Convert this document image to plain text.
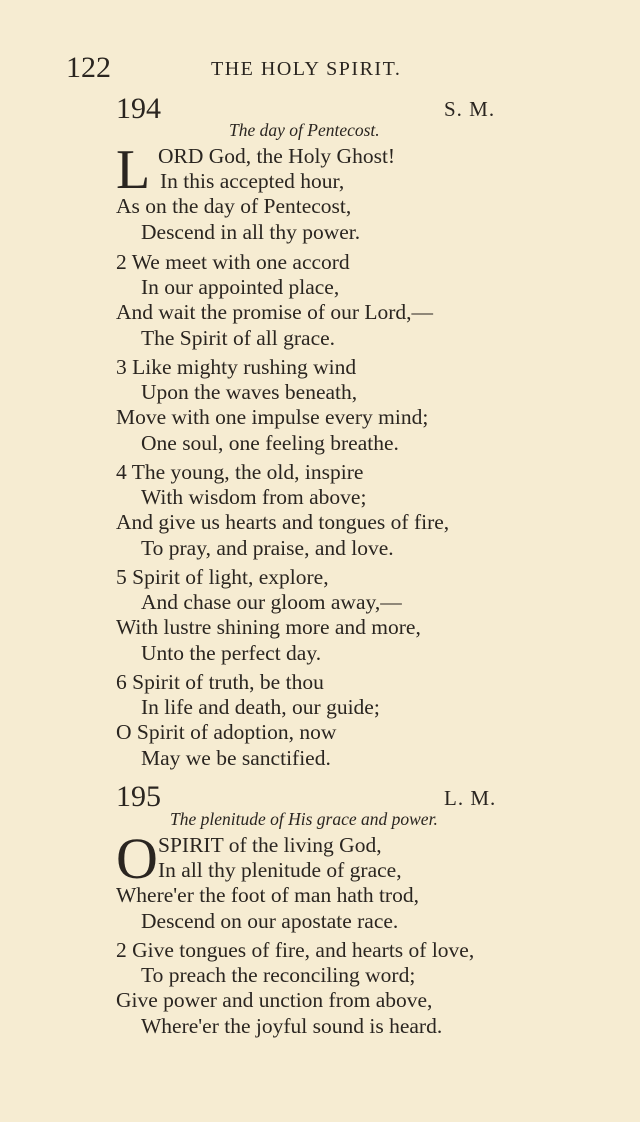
122	THE HOLY SPIRIT.
194	S. M.
The day of Pentecost.
L ORD God, the Holy Ghost!
In this accepted hour,
As on the day of Pentecost,
Descend in all thy power.
2 We meet with one accord
In our appointed place,
And wait the promise of our Lord,—
The Spirit of all grace.
3 Like mighty rushing wind
Upon the waves beneath,
Move with one impulse every mind;
One soul, one feeling breathe.
4 The young, the old, inspire
With wisdom from above;
And give us hearts and tongues of fire,
To pray, and praise, and love.
5 Spirit of light, explore,
And chase our gloom away,—
With lustre shining more and more,
Unto the perfect day.
6 Spirit of truth, be thou
In life and death, our guide;
O Spirit of adoption, now
May we be sanctified.
195	L. M.
The plenitude of His grace and power.
O SPIRIT of the living God,
In all thy plenitude of grace,
Where'er the foot of man hath trod,
Descend on our apostate race.
2 Give tongues of fire, and hearts of love,
To preach the reconciling word;
Give power and unction from above,
Where'er the joyful sound is heard.
